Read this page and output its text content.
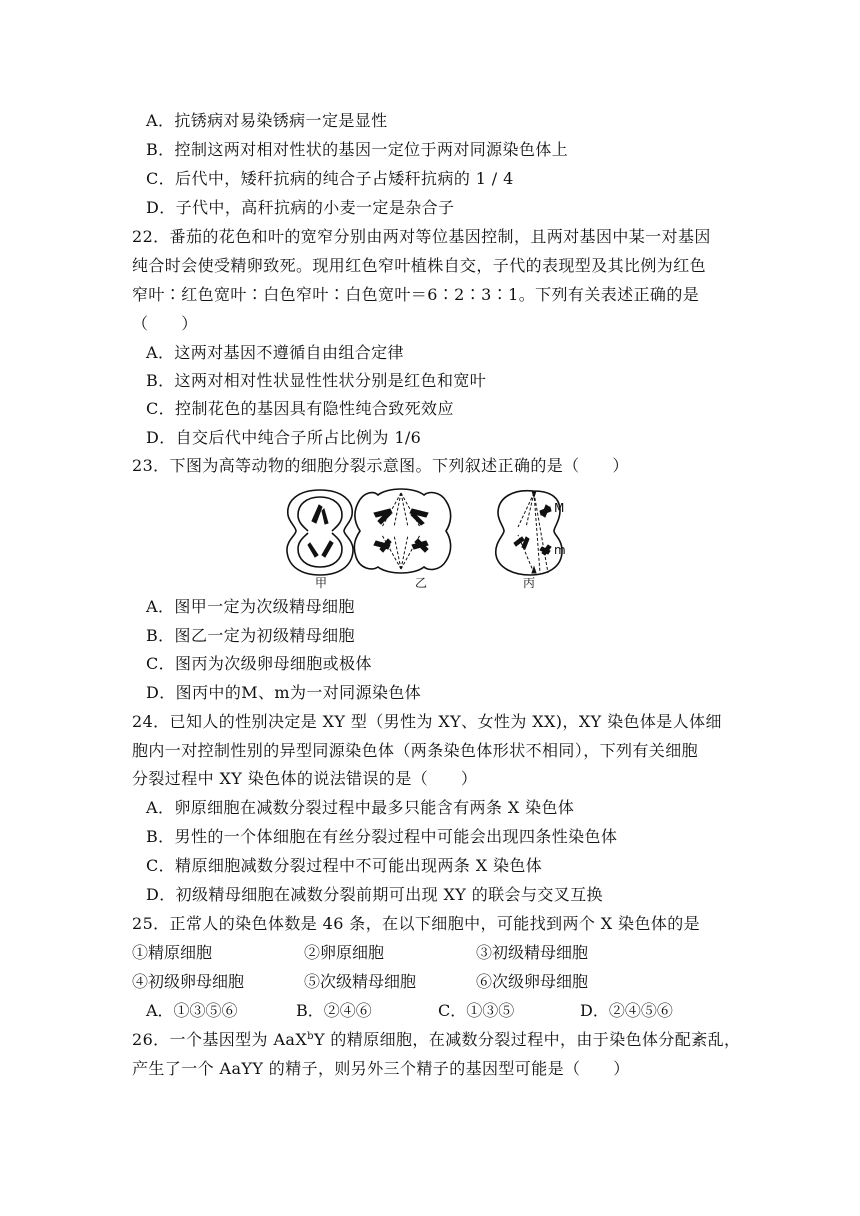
A．抗锈病对易染锈病一定是显性
B．控制这两对相对性状的基因一定位于两对同源染色体上
C．后代中，矮秆抗病的纯合子占矮秆抗病的 1 / 4
D．子代中，高秆抗病的小麦一定是杂合子
22．番茄的花色和叶的宽窄分别由两对等位基因控制，且两对基因中某一对基因
纯合时会使受精卵致死。现用红色窄叶植株自交，子代的表现型及其比例为红色
窄叶∶红色宽叶∶白色窄叶∶白色宽叶＝6∶2∶3∶1。下列有关表述正确的是
（　　）
A．这两对基因不遵循自由组合定律
B．这两对相对性状显性性状分别是红色和宽叶
C．控制花色的基因具有隐性纯合致死效应
D．自交后代中纯合子所占比例为 1/6
23．下图为高等动物的细胞分裂示意图。下列叙述正确的是（　　）
M
m
甲	乙	丙
A．图甲一定为次级精母细胞
B．图乙一定为初级精母细胞
C．图丙为次级卵母细胞或极体
D．图丙中的M、m为一对同源染色体
24．已知人的性别决定是 XY 型（男性为 XY、女性为 XX)，XY 染色体是人体细
胞内一对控制性别的异型同源染色体（两条染色体形状不相同），下列有关细胞
分裂过程中 XY 染色体的说法错误的是（　　）
A．卵原细胞在减数分裂过程中最多只能含有两条 X 染色体
B．男性的一个体细胞在有丝分裂过程中可能会出现四条性染色体
C．精原细胞减数分裂过程中不可能出现两条 X 染色体
D．初级精母细胞在减数分裂前期可出现 XY 的联会与交叉互换
25．正常人的染色体数是 46 条，在以下细胞中，可能找到两个 X 染色体的是
①精原细胞	②卵原细胞	③初级精母细胞
④初级卵母细胞	⑤次级精母细胞	⑥次级卵母细胞
A．①③⑤⑥	B．②④⑥	C．①③⑤	D．②④⑤⑥
26．一个基因型为 AaX$^b$Y 的精原细胞，在减数分裂过程中，由于染色体分配紊乱，
产生了一个 AaYY 的精子，则另外三个精子的基因型可能是（　　）
